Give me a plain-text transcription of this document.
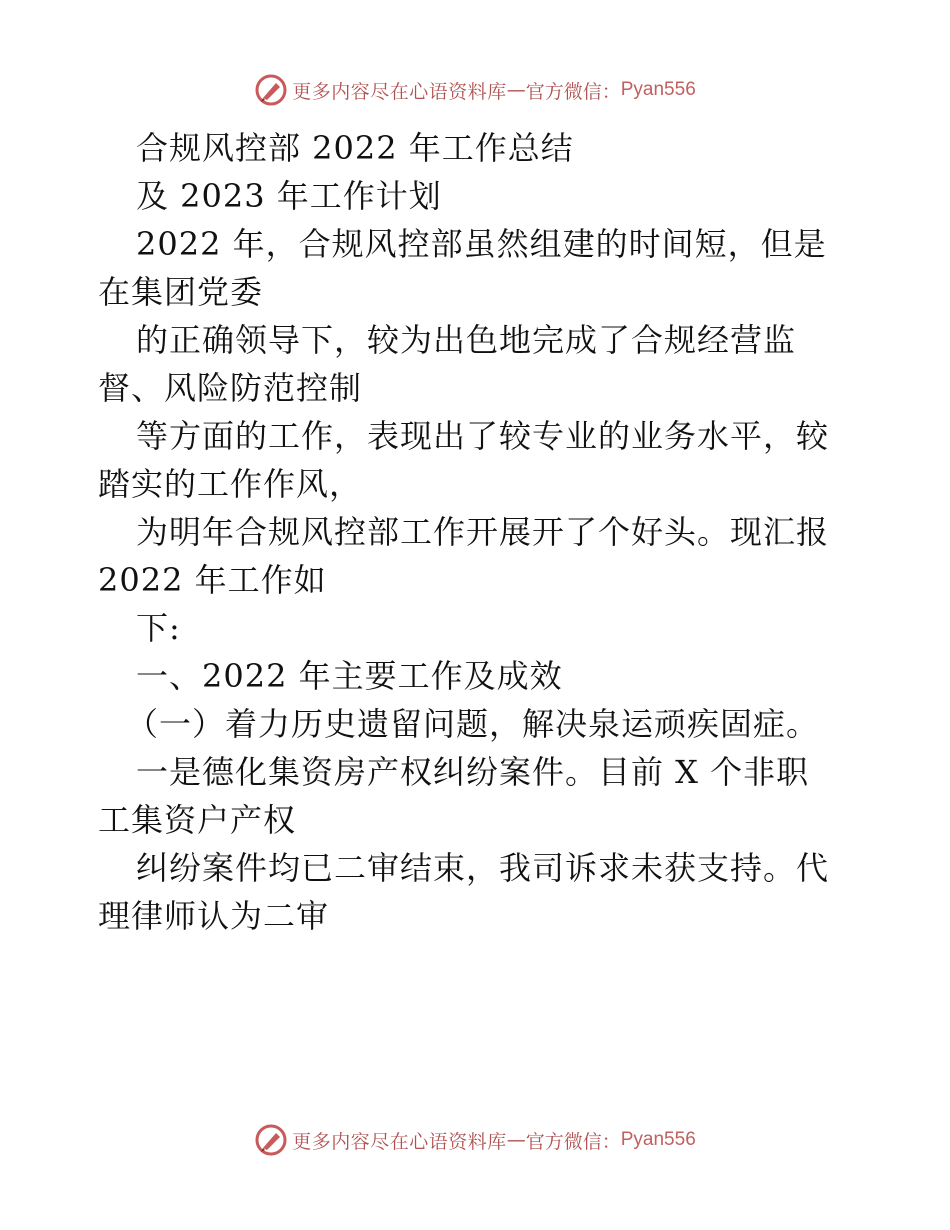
更多内容尽在心语资料库 — 官方微信： Pyan556
合规风控部 2022 年工作总结
及 2023 年工作计划
2022 年，合规风控部虽然组建的时间短，但是
在集团党委
的正确领导下，较为出色地完成了合规经营监
督、风险防范控制
等方面的工作，表现出了较专业的业务水平，较
踏实的工作作风，
为明年合规风控部工作开展开了个好头。现汇报
2022 年工作如
下:
一、2022 年主要工作及成效
（一）着力历史遗留问题，解决泉运顽疾固症。
一是德化集资房产权纠纷案件。目前 X 个非职
工集资户产权
纠纷案件均已二审结束，我司诉求未获支持。代
理律师认为二审
更多内容尽在心语资料库 — 官方微信： Pyan556
